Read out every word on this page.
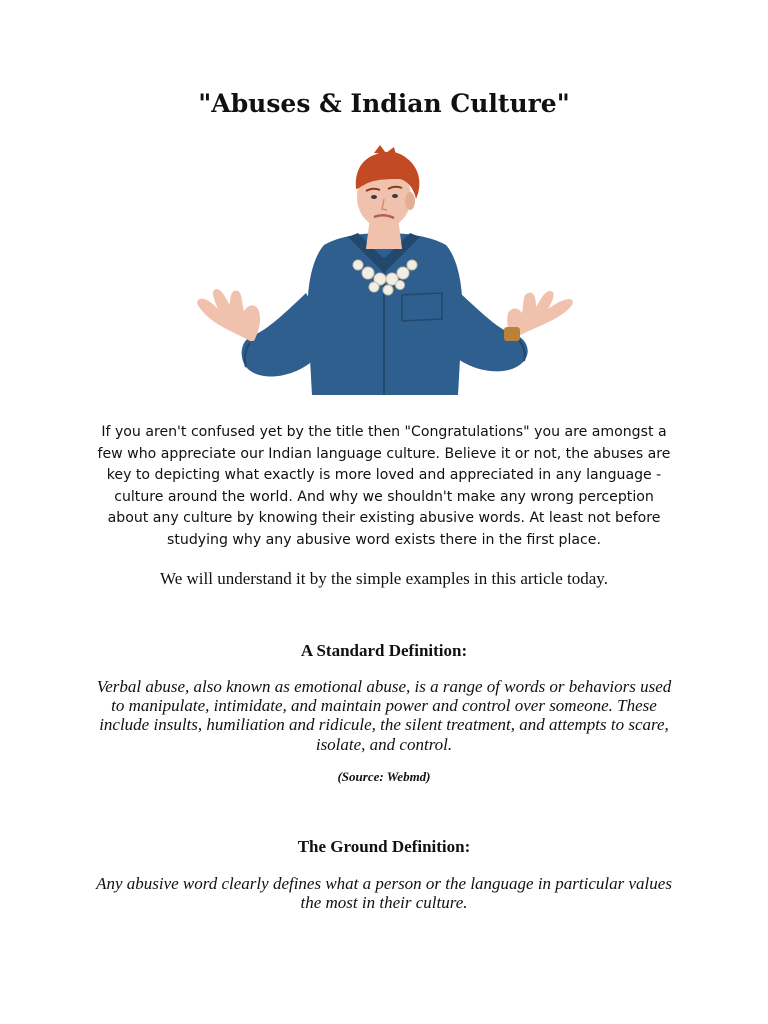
"Abuses & Indian Culture"

If you aren't confused yet by the title then "Congratulations" you are amongst a few who appreciate our Indian language culture. Believe it or not, the abuses are key to depicting what exactly is more loved and appreciated in any language - culture around the world. And why we shouldn't make any wrong perception about any culture by knowing their existing abusive words. At least not before studying why any abusive word exists there in the first place.

We will understand it by the simple examples in this article today.

A Standard Definition:

Verbal abuse, also known as emotional abuse, is a range of words or behaviors used to manipulate, intimidate, and maintain power and control over someone. These include insults, humiliation and ridicule, the silent treatment, and attempts to scare, isolate, and control.

(Source: Webmd)

The Ground Definition:

Any abusive word clearly defines what a person or the language in particular values the most in their culture.
